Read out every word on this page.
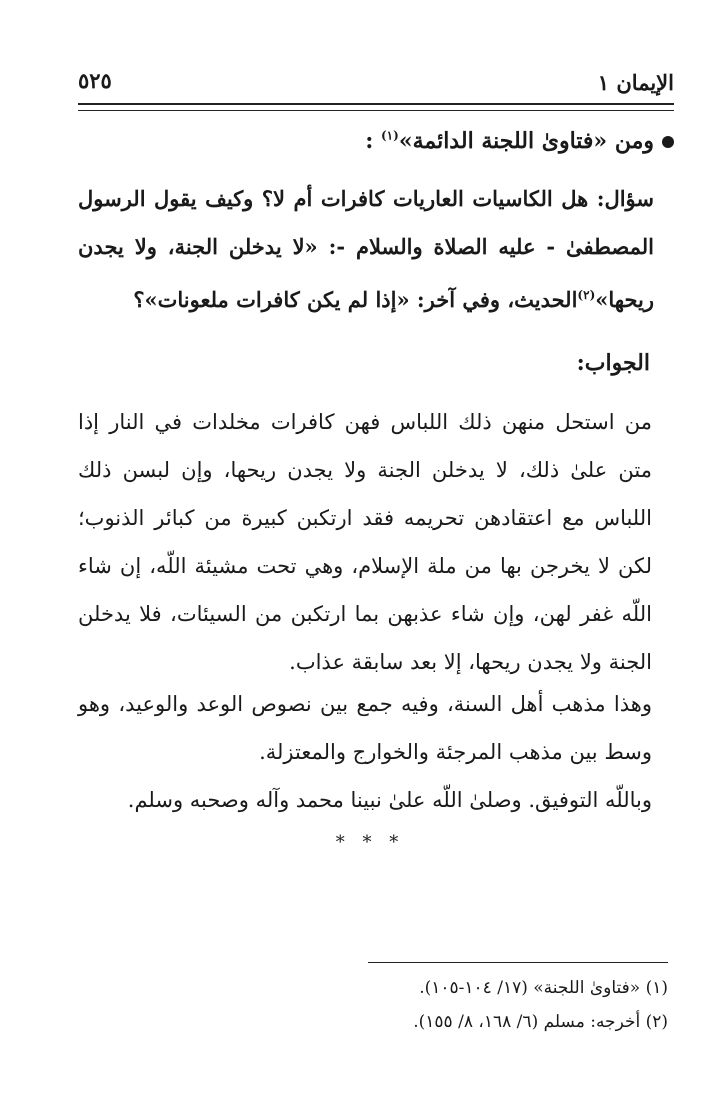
الإيمان ١
٥٢٥
ومن «فتاوىٰ اللجنة الدائمة»$^{(١)}$ :
سؤال: هل الكاسيات العاريات كافرات أم لا؟ وكيف يقول الرسول المصطفىٰ - عليه الصلاة والسلام -: «لا يدخلن الجنة، ولا يجدن ريحها»$^{(٢)}$الحديث، وفي آخر: «إذا لم يكن كافرات ملعونات»؟
الجواب:
من استحل منهن ذلك اللباس فهن كافرات مخلدات في النار إذا متن علىٰ ذلك، لا يدخلن الجنة ولا يجدن ريحها، وإن لبسن ذلك اللباس مع اعتقادهن تحريمه فقد ارتكبن كبيرة من كبائر الذنوب؛ لكن لا يخرجن بها من ملة الإسلام، وهي تحت مشيئة اللّه، إن شاء اللّه غفر لهن، وإن شاء عذبهن بما ارتكبن من السيئات، فلا يدخلن الجنة ولا يجدن ريحها، إلا بعد سابقة عذاب.
وهذا مذهب أهل السنة، وفيه جمع بين نصوص الوعد والوعيد، وهو وسط بين مذهب المرجئة والخوارج والمعتزلة.
وباللّه التوفيق. وصلىٰ اللّه علىٰ نبينا محمد وآله وصحبه وسلم.
* * *
(١) «فتاوىٰ اللجنة» (١٧/ ١٠٤-١٠٥).
(٢) أخرجه: مسلم (٦/ ١٦٨، ٨/ ١٥٥).
